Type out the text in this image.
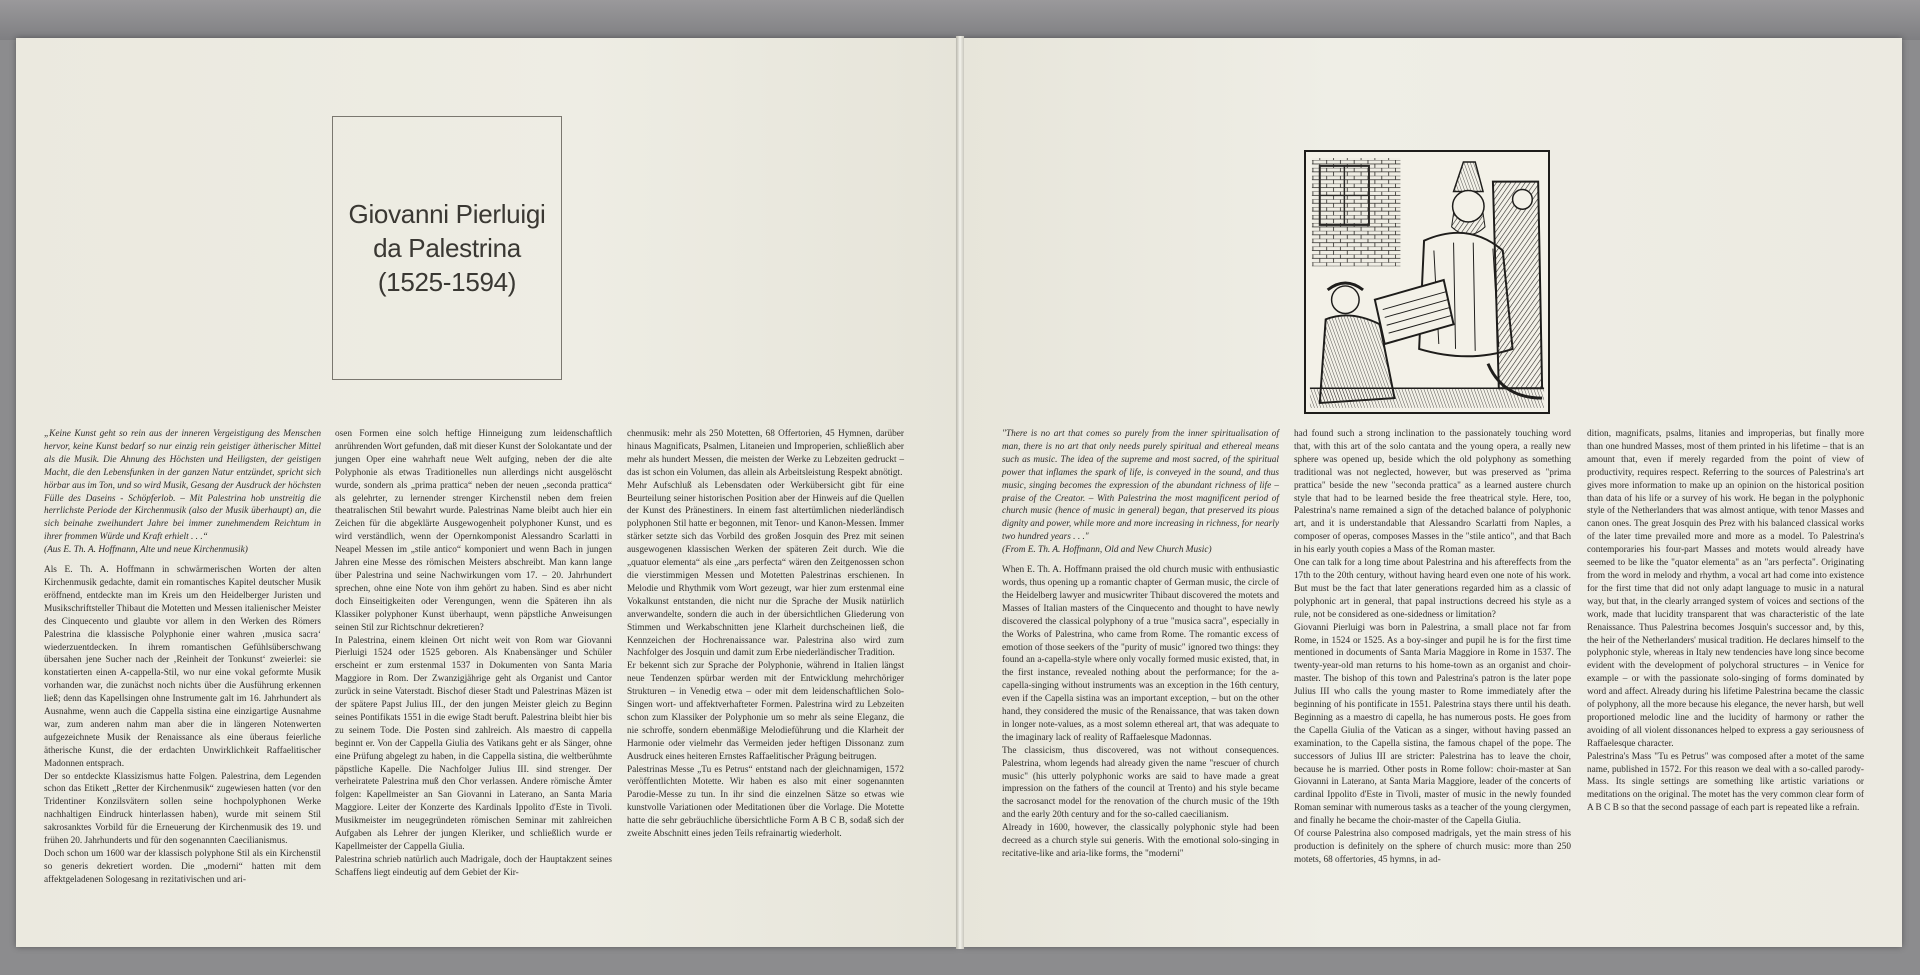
Giovanni Pierluigi
da Palestrina
(1525-1594)

„Keine Kunst geht so rein aus der inneren Vergeistigung des Menschen hervor, keine Kunst bedarf so nur einzig rein geistiger ätherischer Mittel als die Musik. Die Ahnung des Höchsten und Heiligsten, der geistigen Macht, die den Lebensfunken in der ganzen Natur entzündet, spricht sich hörbar aus im Ton, und so wird Musik, Gesang der Ausdruck der höchsten Fülle des Daseins - Schöpferlob. – Mit Palestrina hob unstreitig die herrlichste Periode der Kirchenmusik (also der Musik überhaupt) an, die sich beinahe zweihundert Jahre bei immer zunehmendem Reichtum in ihrer frommen Würde und Kraft erhielt . . .“

(Aus E. Th. A. Hoffmann, Alte und neue Kirchenmusik)

Als E. Th. A. Hoffmann in schwärmerischen Worten der alten Kirchenmusik gedachte, damit ein romantisches Kapitel deutscher Musik eröffnend, entdeckte man im Kreis um den Heidelberger Juristen und Musikschriftsteller Thibaut die Motetten und Messen italienischer Meister des Cinquecento und glaubte vor allem in den Werken des Römers Palestrina die klassische Polyphonie einer wahren ‚musica sacra‘ wiederzuentdecken. In ihrem romantischen Gefühlsüberschwang übersahen jene Sucher nach der ‚Reinheit der Tonkunst‘ zweierlei: sie konstatierten einen A-cappella-Stil, wo nur eine vokal geformte Musik vorhanden war, die zunächst noch nichts über die Ausführung erkennen ließ; denn das Kapellsingen ohne Instrumente galt im 16. Jahrhundert als Ausnahme, wenn auch die Cappella sistina eine einzigartige Ausnahme war, zum anderen nahm man aber die in längeren Notenwerten aufgezeichnete Musik der Renaissance als eine überaus feierliche ätherische Kunst, die der erdachten Unwirklichkeit Raffaelitischer Madonnen entsprach.

Der so entdeckte Klassizismus hatte Folgen. Palestrina, dem Legenden schon das Etikett „Retter der Kirchenmusik“ zugewiesen hatten (vor den Tridentiner Konzilsvätern sollen seine hochpolyphonen Werke nachhaltigen Eindruck hinterlassen haben), wurde mit seinem Stil sakrosanktes Vorbild für die Erneuerung der Kirchenmusik des 19. und frühen 20. Jahrhunderts und für den sogenannten Caecilianismus.

Doch schon um 1600 war der klassisch polyphone Stil als ein Kirchenstil so generis dekretiert worden. Die „moderni“ hatten mit dem affektgeladenen Sologesang in rezitativischen und ari-

osen Formen eine solch heftige Hinneigung zum leidenschaftlich anrührenden Wort gefunden, daß mit dieser Kunst der Solokantate und der jungen Oper eine wahrhaft neue Welt aufging, neben der die alte Polyphonie als etwas Traditionelles nun allerdings nicht ausgelöscht wurde, sondern als „prima prattica“ neben der neuen „seconda prattica“ als gelehrter, zu lernender strenger Kirchenstil neben dem freien theatralischen Stil bewahrt wurde. Palestrinas Name bleibt auch hier ein Zeichen für die abgeklärte Ausgewogenheit polyphoner Kunst, und es wird verständlich, wenn der Opernkomponist Alessandro Scarlatti in Neapel Messen im „stile antico“ komponiert und wenn Bach in jungen Jahren eine Messe des römischen Meisters abschreibt. Man kann lange über Palestrina und seine Nachwirkungen vom 17. – 20. Jahrhundert sprechen, ohne eine Note von ihm gehört zu haben. Sind es aber nicht doch Einseitigkeiten oder Verengungen, wenn die Späteren ihn als Klassiker polyphoner Kunst überhaupt, wenn päpstliche Anweisungen seinen Stil zur Richtschnur dekretieren?

In Palestrina, einem kleinen Ort nicht weit von Rom war Giovanni Pierluigi 1524 oder 1525 geboren. Als Knabensänger und Schüler erscheint er zum erstenmal 1537 in Dokumenten von Santa Maria Maggiore in Rom. Der Zwanzigjährige geht als Organist und Cantor zurück in seine Vaterstadt. Bischof dieser Stadt und Palestrinas Mäzen ist der spätere Papst Julius III., der den jungen Meister gleich zu Beginn seines Pontifikats 1551 in die ewige Stadt beruft. Palestrina bleibt hier bis zu seinem Tode. Die Posten sind zahlreich. Als maestro di cappella beginnt er. Von der Cappella Giulia des Vatikans geht er als Sänger, ohne eine Prüfung abgelegt zu haben, in die Cappella sistina, die weltberühmte päpstliche Kapelle. Die Nachfolger Julius III. sind strenger. Der verheiratete Palestrina muß den Chor verlassen. Andere römische Ämter folgen: Kapellmeister an San Giovanni in Laterano, an Santa Maria Maggiore. Leiter der Konzerte des Kardinals Ippolito d'Este in Tivoli. Musikmeister im neugegründeten römischen Seminar mit zahlreichen Aufgaben als Lehrer der jungen Kleriker, und schließlich wurde er Kapellmeister der Cappella Giulia.

Palestrina schrieb natürlich auch Madrigale, doch der Hauptakzent seines Schaffens liegt eindeutig auf dem Gebiet der Kir-

chenmusik: mehr als 250 Motetten, 68 Offertorien, 45 Hymnen, darüber hinaus Magnificats, Psalmen, Litaneien und Improperien, schließlich aber mehr als hundert Messen, die meisten der Werke zu Lebzeiten gedruckt – das ist schon ein Volumen, das allein als Arbeitsleistung Respekt abnötigt.

Mehr Aufschluß als Lebensdaten oder Werkübersicht gibt für eine Beurteilung seiner historischen Position aber der Hinweis auf die Quellen der Kunst des Pränestiners. In einem fast altertümlichen niederländisch polyphonen Stil hatte er begonnen, mit Tenor- und Kanon-Messen. Immer stärker setzte sich das Vorbild des großen Josquin des Prez mit seinen ausgewogenen klassischen Werken der späteren Zeit durch. Wie die „quatuor elementa“ als eine „ars perfecta“ wären den Zeitgenossen schon die vierstimmigen Messen und Motetten Palestrinas erschienen. In Melodie und Rhythmik vom Wort gezeugt, war hier zum erstenmal eine Vokalkunst entstanden, die nicht nur die Sprache der Musik natürlich anverwandelte, sondern die auch in der übersichtlichen Gliederung von Stimmen und Werkabschnitten jene Klarheit durchscheinen ließ, die Kennzeichen der Hochrenaissance war. Palestrina also wird zum Nachfolger des Josquin und damit zum Erbe niederländischer Tradition.

Er bekennt sich zur Sprache der Polyphonie, während in Italien längst neue Tendenzen spürbar werden mit der Entwicklung mehrchöriger Strukturen – in Venedig etwa – oder mit dem leidenschaftlichen Solo-Singen wort- und affektverhafteter Formen. Palestrina wird zu Lebzeiten schon zum Klassiker der Polyphonie um so mehr als seine Eleganz, die nie schroffe, sondern ebenmäßige Melodieführung und die Klarheit der Harmonie oder vielmehr das Vermeiden jeder heftigen Dissonanz zum Ausdruck eines heiteren Ernstes Raffaelitischer Prägung beitrugen.

Palestrinas Messe „Tu es Petrus“ entstand nach der gleichnamigen, 1572 veröffentlichten Motette. Wir haben es also mit einer sogenannten Parodie-Messe zu tun. In ihr sind die einzelnen Sätze so etwas wie kunstvolle Variationen oder Meditationen über die Vorlage. Die Motette hatte die sehr gebräuchliche übersichtliche Form A B C B, sodaß sich der zweite Abschnitt eines jeden Teils refrainartig wiederholt.

"There is no art that comes so purely from the inner spiritualisation of man, there is no art that only needs purely spiritual and ethereal means such as music. The idea of the supreme and most sacred, of the spiritual power that inflames the spark of life, is conveyed in the sound, and thus music, singing becomes the expression of the abundant richness of life – praise of the Creator. – With Palestrina the most magnificent period of church music (hence of music in general) began, that preserved its pious dignity and power, while more and more increasing in richness, for nearly two hundred years . . ."

(From E. Th. A. Hoffmann, Old and New Church Music)

When E. Th. A. Hoffmann praised the old church music with enthusiastic words, thus opening up a romantic chapter of German music, the circle of the Heidelberg lawyer and musicwriter Thibaut discovered the motets and Masses of Italian masters of the Cinquecento and thought to have newly discovered the classical polyphony of a true "musica sacra", especially in the Works of Palestrina, who came from Rome. The romantic excess of emotion of those seekers of the "purity of music" ignored two things: they found an a-capella-style where only vocally formed music existed, that, in the first instance, revealed nothing about the performance; for the a-capella-singing without instruments was an exception in the 16th century, even if the Capella sistina was an important exception, – but on the other hand, they considered the music of the Renaissance, that was taken down in longer note-values, as a most solemn ethereal art, that was adequate to the imaginary lack of reality of Raffaelesque Madonnas.

The classicism, thus discovered, was not without consequences. Palestrina, whom legends had already given the name "rescuer of church music" (his utterly polyphonic works are said to have made a great impression on the fathers of the council at Trento) and his style became the sacrosanct model for the renovation of the church music of the 19th and the early 20th century and for the so-called caecilianism.

Already in 1600, however, the classically polyphonic style had been decreed as a church style sui generis. With the emotional solo-singing in recitative-like and aria-like forms, the "moderni"

had found such a strong inclination to the passionately touching word that, with this art of the solo cantata and the young opera, a really new sphere was opened up, beside which the old polyphony as something traditional was not neglected, however, but was preserved as "prima prattica" beside the new "seconda prattica" as a learned austere church style that had to be learned beside the free theatrical style. Here, too, Palestrina's name remained a sign of the detached balance of polyphonic art, and it is understandable that Alessandro Scarlatti from Naples, a composer of operas, composes Masses in the "stile antico", and that Bach in his early youth copies a Mass of the Roman master.

One can talk for a long time about Palestrina and his aftereffects from the 17th to the 20th century, without having heard even one note of his work. But must be the fact that later generations regarded him as a classic of polyphonic art in general, that papal instructions decreed his style as a rule, not be considered as one-sidedness or limitation?

Giovanni Pierluigi was born in Palestrina, a small place not far from Rome, in 1524 or 1525. As a boy-singer and pupil he is for the first time mentioned in documents of Santa Maria Maggiore in Rome in 1537. The twenty-year-old man returns to his home-town as an organist and choir-master. The bishop of this town and Palestrina's patron is the later pope Julius III who calls the young master to Rome immediately after the beginning of his pontificate in 1551. Palestrina stays there until his death. Beginning as a maestro di capella, he has numerous posts. He goes from the Capella Giulia of the Vatican as a singer, without having passed an examination, to the Capella sistina, the famous chapel of the pope. The successors of Julius III are stricter: Palestrina has to leave the choir, because he is married. Other posts in Rome follow: choir-master at San Giovanni in Laterano, at Santa Maria Maggiore, leader of the concerts of cardinal Ippolito d'Este in Tivoli, master of music in the newly founded Roman seminar with numerous tasks as a teacher of the young clergymen, and finally he became the choir-master of the Capella Giulia.

Of course Palestrina also composed madrigals, yet the main stress of his production is definitely on the sphere of church music: more than 250 motets, 68 offertories, 45 hymns, in ad-

dition, magnificats, psalms, litanies and improperias, but finally more than one hundred Masses, most of them printed in his lifetime – that is an amount that, even if merely regarded from the point of view of productivity, requires respect. Referring to the sources of Palestrina's art gives more information to make up an opinion on the historical position than data of his life or a survey of his work. He began in the polyphonic style of the Netherlanders that was almost antique, with tenor Masses and canon ones. The great Josquin des Prez with his balanced classical works of the later time prevailed more and more as a model. To Palestrina's contemporaries his four-part Masses and motets would already have seemed to be like the "quator elementa" as an "ars perfecta". Originating from the word in melody and rhythm, a vocal art had come into existence for the first time that did not only adapt language to music in a natural way, but that, in the clearly arranged system of voices and sections of the work, made that lucidity transparent that was characteristic of the late Renaissance. Thus Palestrina becomes Josquin's successor and, by this, the heir of the Netherlanders' musical tradition. He declares himself to the polyphonic style, whereas in Italy new tendencies have long since become evident with the development of polychoral structures – in Venice for example – or with the passionate solo-singing of forms dominated by word and affect. Already during his lifetime Palestrina became the classic of polyphony, all the more because his elegance, the never harsh, but well proportioned melodic line and the lucidity of harmony or rather the avoiding of all violent dissonances helped to express a gay seriousness of Raffaelesque character.

Palestrina's Mass "Tu es Petrus" was composed after a motet of the same name, published in 1572. For this reason we deal with a so-called parody-Mass. Its single settings are something like artistic variations or meditations on the original. The motet has the very common clear form of A B C B so that the second passage of each part is repeated like a refrain.
